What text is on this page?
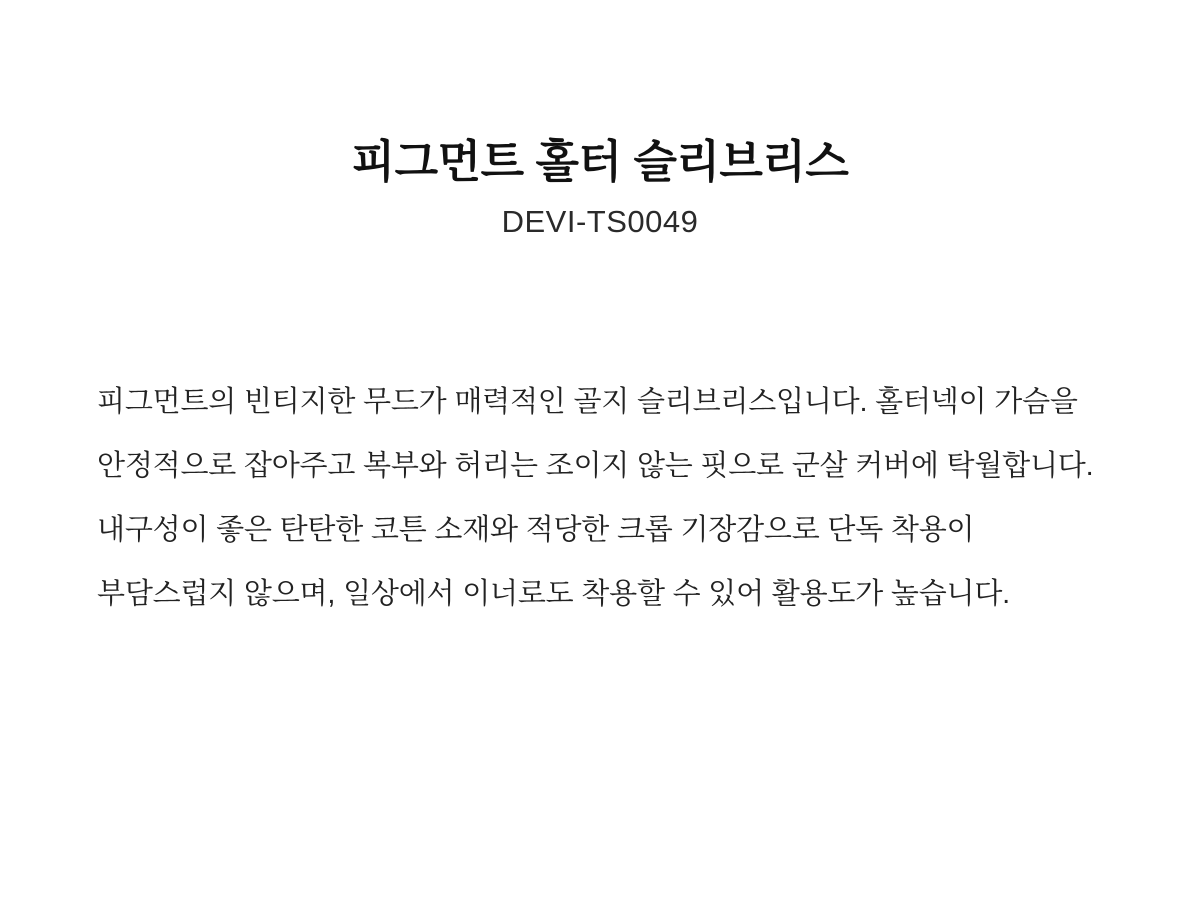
피그먼트 홀터 슬리브리스

DEVI-TS0049

피그먼트의 빈티지한 무드가 매력적인 골지 슬리브리스입니다. 홀터넥이 가슴을 안정적으로 잡아주고 복부와 허리는 조이지 않는 핏으로 군살 커버에 탁월합니다. 내구성이 좋은 탄탄한 코튼 소재와 적당한 크롭 기장감으로 단독 착용이 부담스럽지 않으며, 일상에서 이너로도 착용할 수 있어 활용도가 높습니다.
